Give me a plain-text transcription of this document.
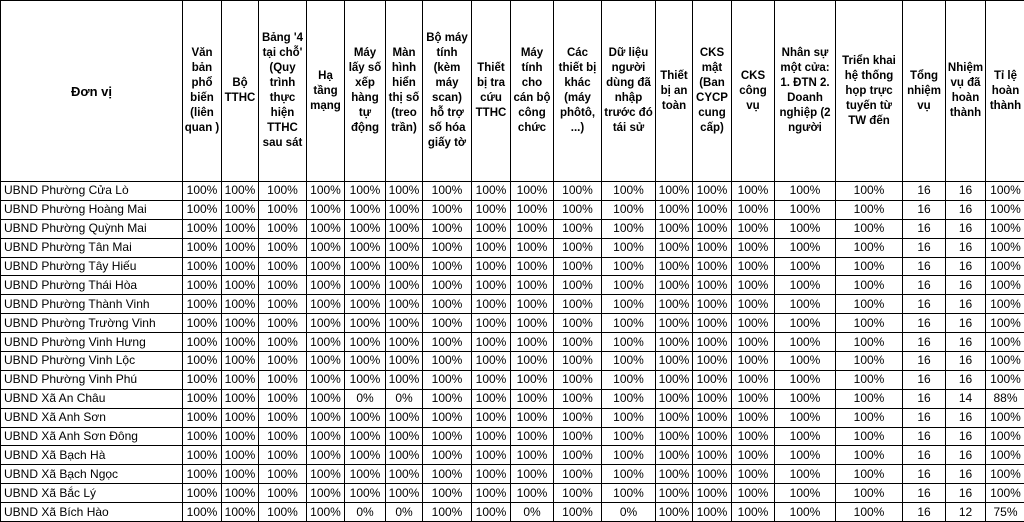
Đơn vị	Văn bản phổ biến (liên quan )	Bộ TTHC	Bảng '4 tại chỗ' (Quy trình thực hiện TTHC sau sát	Hạ tầng mạng	Máy lấy số xếp hàng tự động	Màn hình hiển thị số (treo trần)	Bộ máy tính (kèm máy scan) hỗ trợ số hóa giấy tờ	Thiết bị tra cứu TTHC	Máy tính cho cán bộ công chức	Các thiết bị khác (máy phôtô, ...)	Dữ liệu người dùng đã nhập trước đó tái sử	Thiết bị an toàn	CKS mật (Ban CYCP cung cấp)	CKS công vụ	Nhân sự một cửa: 1. ĐTN 2. Doanh nghiệp (2 người	Triển khai hệ thống họp trực tuyến từ TW đến	Tổng nhiệm vụ	Nhiệm vụ đã hoàn thành	Tỉ lệ hoàn thành
UBND Phường Cửa Lò	100%	100%	100%	100%	100%	100%	100%	100%	100%	100%	100%	100%	100%	100%	100%	100%	16	16	100%
UBND Phường Hoàng Mai	100%	100%	100%	100%	100%	100%	100%	100%	100%	100%	100%	100%	100%	100%	100%	100%	16	16	100%
UBND Phường Quỳnh Mai	100%	100%	100%	100%	100%	100%	100%	100%	100%	100%	100%	100%	100%	100%	100%	100%	16	16	100%
UBND Phường Tân Mai	100%	100%	100%	100%	100%	100%	100%	100%	100%	100%	100%	100%	100%	100%	100%	100%	16	16	100%
UBND Phường Tây Hiếu	100%	100%	100%	100%	100%	100%	100%	100%	100%	100%	100%	100%	100%	100%	100%	100%	16	16	100%
UBND Phường Thái Hòa	100%	100%	100%	100%	100%	100%	100%	100%	100%	100%	100%	100%	100%	100%	100%	100%	16	16	100%
UBND Phường Thành Vinh	100%	100%	100%	100%	100%	100%	100%	100%	100%	100%	100%	100%	100%	100%	100%	100%	16	16	100%
UBND Phường Trường Vinh	100%	100%	100%	100%	100%	100%	100%	100%	100%	100%	100%	100%	100%	100%	100%	100%	16	16	100%
UBND Phường Vinh Hưng	100%	100%	100%	100%	100%	100%	100%	100%	100%	100%	100%	100%	100%	100%	100%	100%	16	16	100%
UBND Phường Vinh Lộc	100%	100%	100%	100%	100%	100%	100%	100%	100%	100%	100%	100%	100%	100%	100%	100%	16	16	100%
UBND Phường Vinh Phú	100%	100%	100%	100%	100%	100%	100%	100%	100%	100%	100%	100%	100%	100%	100%	100%	16	16	100%
UBND Xã An Châu	100%	100%	100%	100%	0%	0%	100%	100%	100%	100%	100%	100%	100%	100%	100%	100%	16	14	88%
UBND Xã Anh Sơn	100%	100%	100%	100%	100%	100%	100%	100%	100%	100%	100%	100%	100%	100%	100%	100%	16	16	100%
UBND Xã Anh Sơn Đông	100%	100%	100%	100%	100%	100%	100%	100%	100%	100%	100%	100%	100%	100%	100%	100%	16	16	100%
UBND Xã Bạch Hà	100%	100%	100%	100%	100%	100%	100%	100%	100%	100%	100%	100%	100%	100%	100%	100%	16	16	100%
UBND Xã Bạch Ngọc	100%	100%	100%	100%	100%	100%	100%	100%	100%	100%	100%	100%	100%	100%	100%	100%	16	16	100%
UBND Xã Bắc Lý	100%	100%	100%	100%	100%	100%	100%	100%	100%	100%	100%	100%	100%	100%	100%	100%	16	16	100%
UBND Xã Bích Hào	100%	100%	100%	100%	0%	0%	100%	100%	0%	100%	0%	100%	100%	100%	100%	100%	16	12	75%
